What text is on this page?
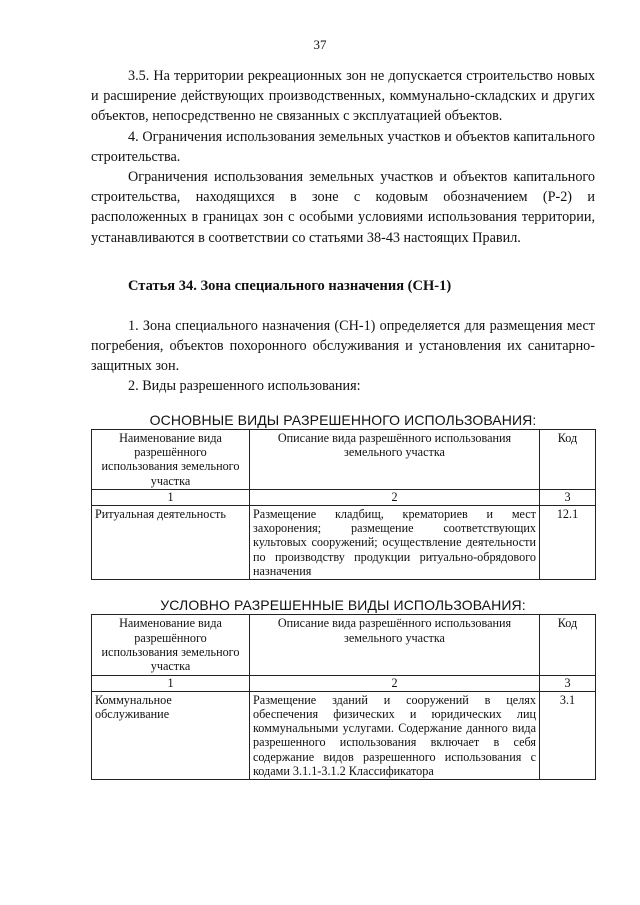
37

3.5. На территории рекреационных зон не допускается строительство новых и расширение действующих производственных, коммунально-складских и других объектов, непосредственно не связанных с эксплуатацией объектов.

4. Ограничения использования земельных участков и объектов капитального строительства.

Ограничения использования земельных участков и объектов капитального строительства, находящихся в зоне с кодовым обозначением (Р-2) и расположенных в границах зон с особыми условиями использования территории, устанавливаются в соответствии со статьями 38-43 настоящих Правил.

Статья 34. Зона специального назначения (СН-1)

1. Зона специального назначения (СН-1) определяется для размещения мест погребения, объектов похоронного обслуживания и установления их санитарно-защитных зон.

2. Виды разрешенного использования:

ОСНОВНЫЕ ВИДЫ РАЗРЕШЕННОГО ИСПОЛЬЗОВАНИЯ:

Наименование вида разрешённого использования земельного участка	Описание вида разрешённого использования земельного участка	Код
1	2	3
Ритуальная деятельность	Размещение кладбищ, крематориев и мест захоронения; размещение соответствующих культовых сооружений; осуществление деятельности по производству продукции ритуально-обрядового назначения	12.1

УСЛОВНО РАЗРЕШЕННЫЕ ВИДЫ ИСПОЛЬЗОВАНИЯ:

Наименование вида разрешённого использования земельного участка	Описание вида разрешённого использования земельного участка	Код
1	2	3
Коммунальное обслуживание	Размещение зданий и сооружений в целях обеспечения физических и юридических лиц коммунальными услугами. Содержание данного вида разрешенного использования включает в себя содержание видов разрешенного использования с кодами 3.1.1-3.1.2 Классификатора	3.1
